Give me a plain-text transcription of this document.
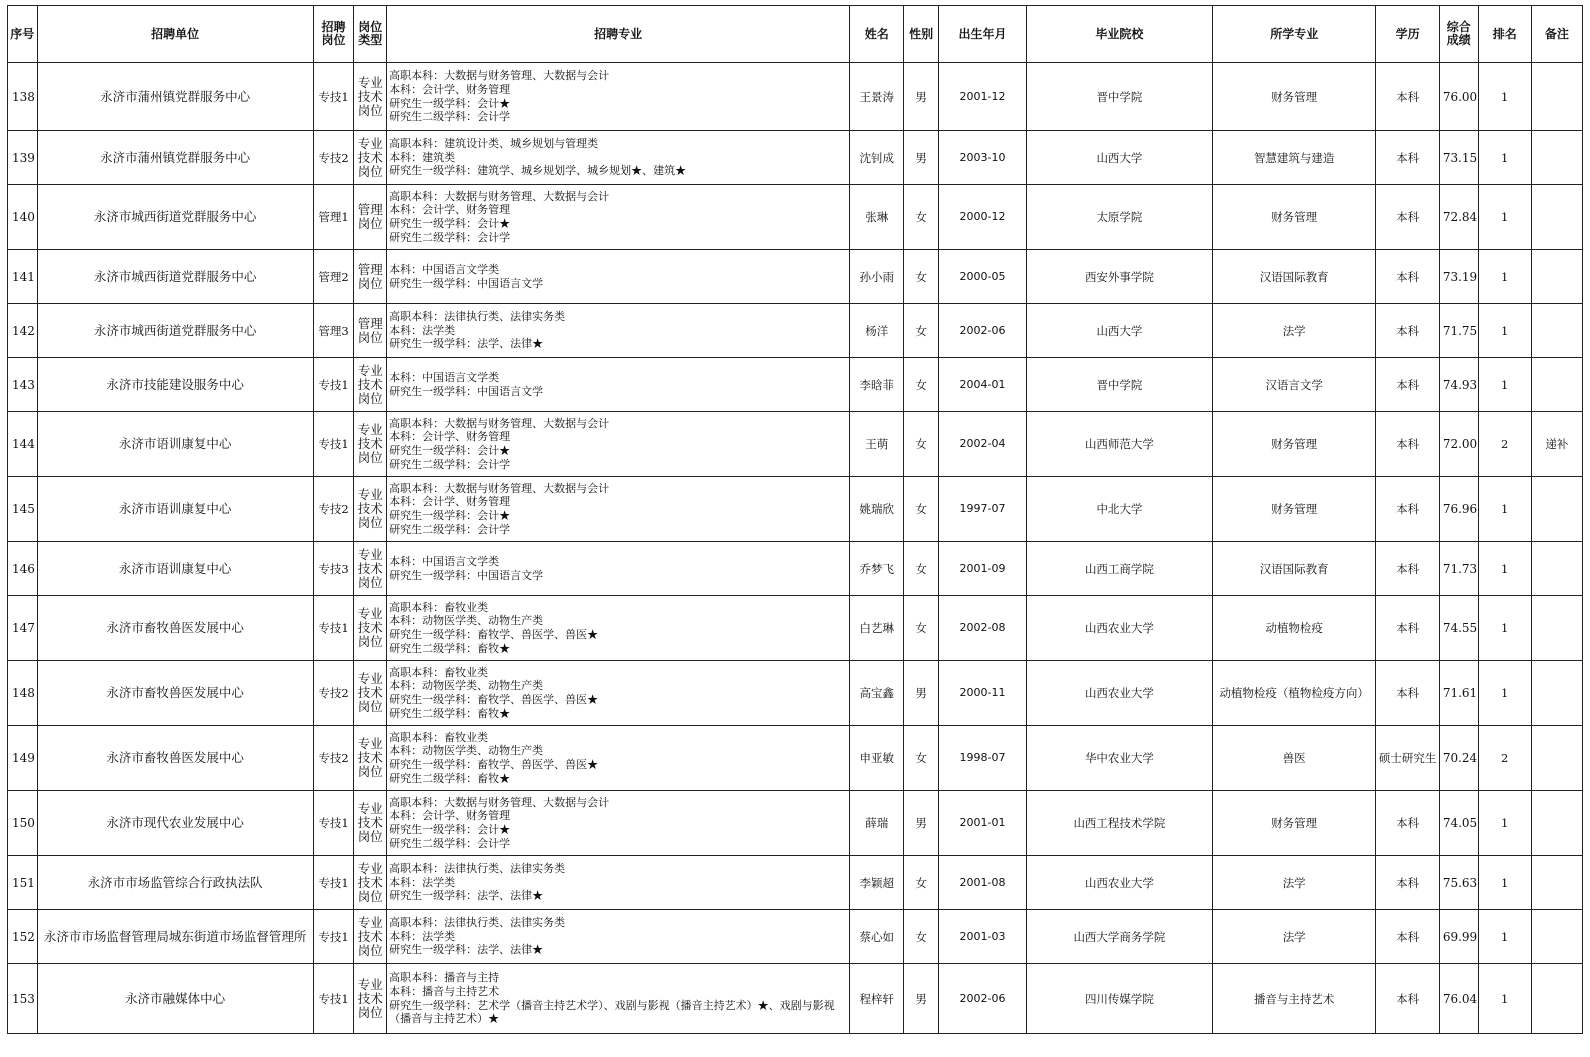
序号	招聘单位	招聘岗位	岗位类型	招聘专业	姓名	性别	出生年月	毕业院校	所学专业	学历	综合成绩	排名	备注
138	永济市蒲州镇党群服务中心	专技1	专业技术岗位	高职本科：大数据与财务管理、大数据与会计
本科：会计学、财务管理
研究生一级学科：会计★
研究生二级学科：会计学	王景涛	男	2001-12	晋中学院	财务管理	本科	76.00	1	
139	永济市蒲州镇党群服务中心	专技2	专业技术岗位	高职本科：建筑设计类、城乡规划与管理类
本科：建筑类
研究生一级学科：建筑学、城乡规划学、城乡规划★、建筑★	沈钊成	男	2003-10	山西大学	智慧建筑与建造	本科	73.15	1	
140	永济市城西街道党群服务中心	管理1	管理岗位	高职本科：大数据与财务管理、大数据与会计
本科：会计学、财务管理
研究生一级学科：会计★
研究生二级学科：会计学	张琳	女	2000-12	太原学院	财务管理	本科	72.84	1	
141	永济市城西街道党群服务中心	管理2	管理岗位	本科：中国语言文学类
研究生一级学科：中国语言文学	孙小雨	女	2000-05	西安外事学院	汉语国际教育	本科	73.19	1	
142	永济市城西街道党群服务中心	管理3	管理岗位	高职本科：法律执行类、法律实务类
本科：法学类
研究生一级学科：法学、法律★	杨洋	女	2002-06	山西大学	法学	本科	71.75	1	
143	永济市技能建设服务中心	专技1	专业技术岗位	本科：中国语言文学类
研究生一级学科：中国语言文学	李晗菲	女	2004-01	晋中学院	汉语言文学	本科	74.93	1	
144	永济市语训康复中心	专技1	专业技术岗位	高职本科：大数据与财务管理、大数据与会计
本科：会计学、财务管理
研究生一级学科：会计★
研究生二级学科：会计学	王萌	女	2002-04	山西师范大学	财务管理	本科	72.00	2	递补
145	永济市语训康复中心	专技2	专业技术岗位	高职本科：大数据与财务管理、大数据与会计
本科：会计学、财务管理
研究生一级学科：会计★
研究生二级学科：会计学	姚瑞欣	女	1997-07	中北大学	财务管理	本科	76.96	1	
146	永济市语训康复中心	专技3	专业技术岗位	本科：中国语言文学类
研究生一级学科：中国语言文学	乔梦飞	女	2001-09	山西工商学院	汉语国际教育	本科	71.73	1	
147	永济市畜牧兽医发展中心	专技1	专业技术岗位	高职本科：畜牧业类
本科：动物医学类、动物生产类
研究生一级学科：畜牧学、兽医学、兽医★
研究生二级学科：畜牧★	白艺琳	女	2002-08	山西农业大学	动植物检疫	本科	74.55	1	
148	永济市畜牧兽医发展中心	专技2	专业技术岗位	高职本科：畜牧业类
本科：动物医学类、动物生产类
研究生一级学科：畜牧学、兽医学、兽医★
研究生二级学科：畜牧★	高宝鑫	男	2000-11	山西农业大学	动植物检疫（植物检疫方向）	本科	71.61	1	
149	永济市畜牧兽医发展中心	专技2	专业技术岗位	高职本科：畜牧业类
本科：动物医学类、动物生产类
研究生一级学科：畜牧学、兽医学、兽医★
研究生二级学科：畜牧★	申亚敏	女	1998-07	华中农业大学	兽医	硕士研究生	70.24	2	
150	永济市现代农业发展中心	专技1	专业技术岗位	高职本科：大数据与财务管理、大数据与会计
本科：会计学、财务管理
研究生一级学科：会计★
研究生二级学科：会计学	薛瑞	男	2001-01	山西工程技术学院	财务管理	本科	74.05	1	
151	永济市市场监管综合行政执法队	专技1	专业技术岗位	高职本科：法律执行类、法律实务类
本科：法学类
研究生一级学科：法学、法律★	李颖超	女	2001-08	山西农业大学	法学	本科	75.63	1	
152	永济市市场监督管理局城东街道市场监督管理所	专技1	专业技术岗位	高职本科：法律执行类、法律实务类
本科：法学类
研究生一级学科：法学、法律★	蔡心如	女	2001-03	山西大学商务学院	法学	本科	69.99	1	
153	永济市融媒体中心	专技1	专业技术岗位	高职本科：播音与主持
本科：播音与主持艺术
研究生一级学科：艺术学（播音主持艺术学）、戏剧与影视（播音主持艺术）★、戏剧与影视（播音与主持艺术）★	程梓轩	男	2002-06	四川传媒学院	播音与主持艺术	本科	76.04	1	
